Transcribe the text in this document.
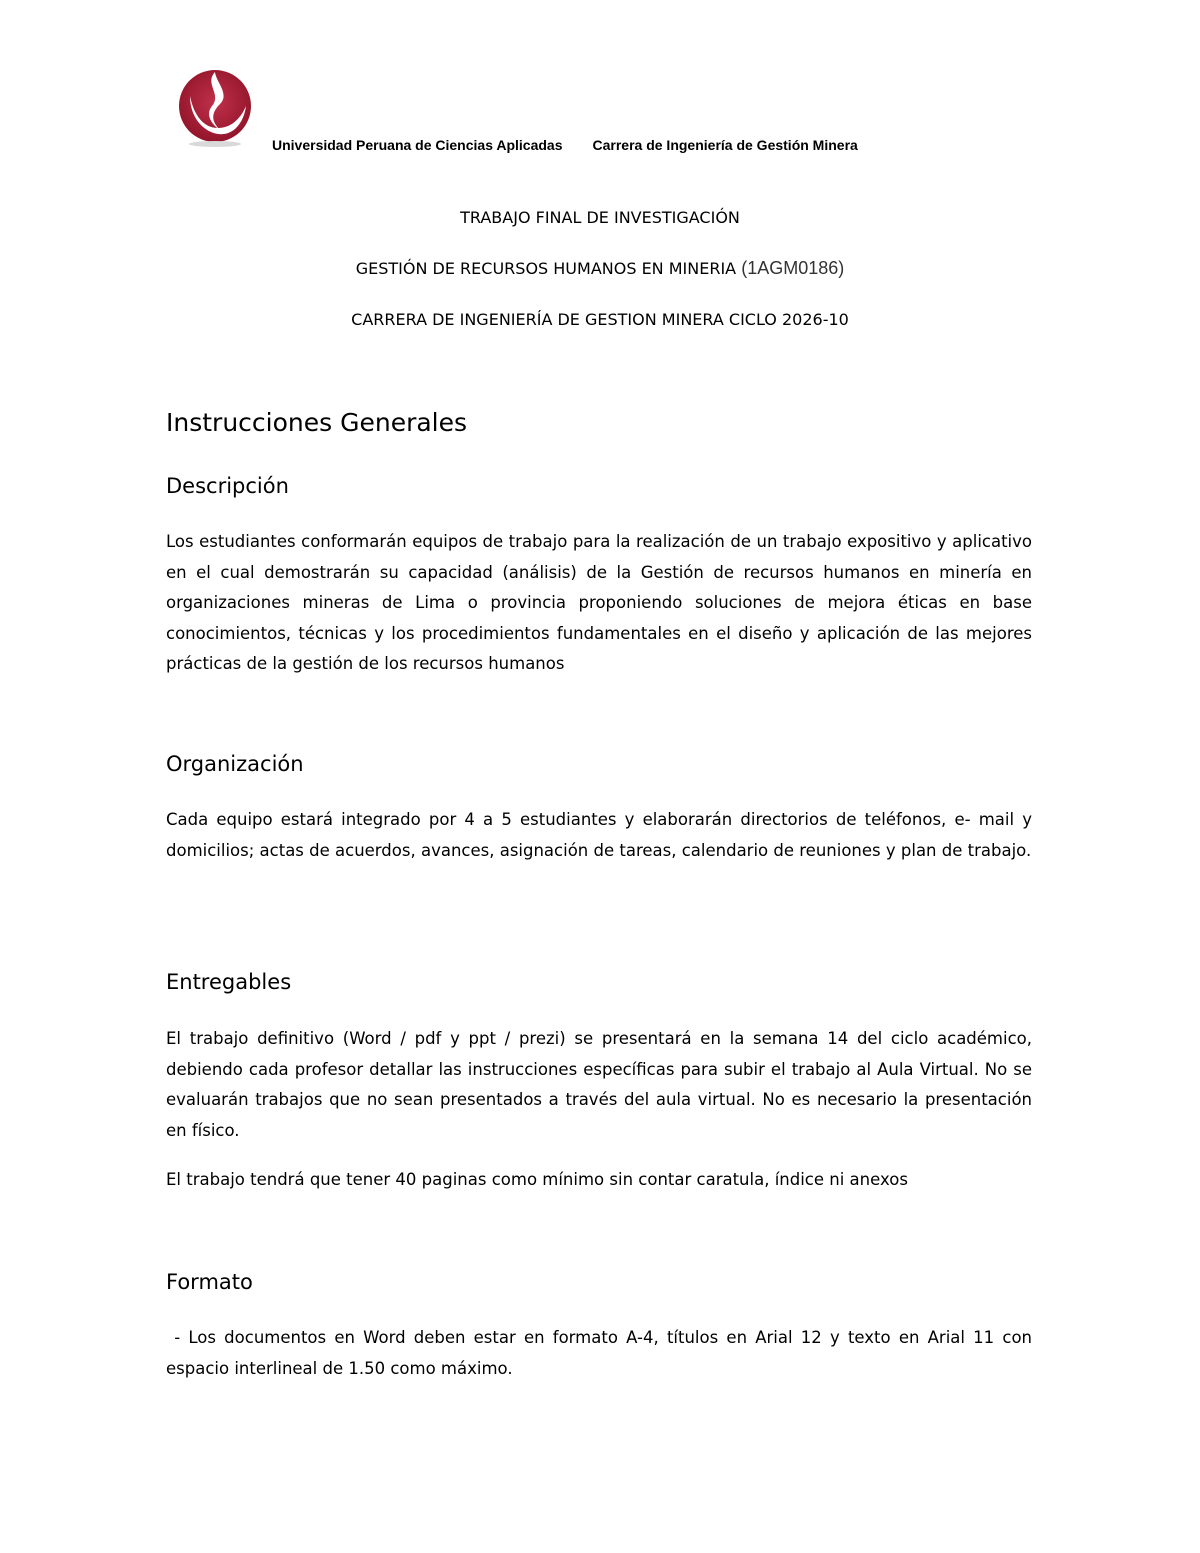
Universidad Peruana de Ciencias Aplicadas Carrera de Ingeniería de Gestión Minera
TRABAJO FINAL DE INVESTIGACIÓN
GESTIÓN DE RECURSOS HUMANOS EN MINERIA (1AGM0186)
CARRERA DE INGENIERÍA DE GESTION MINERA CICLO 2026-10
Instrucciones Generales
Descripción
Los estudiantes conformarán equipos de trabajo para la realización de un trabajo expositivo y aplicativo en el cual demostrarán su capacidad (análisis) de la Gestión de recursos humanos en minería en organizaciones mineras de Lima o provincia proponiendo soluciones de mejora éticas en base conocimientos, técnicas y los procedimientos fundamentales en el diseño y aplicación de las mejores prácticas de la gestión de los recursos humanos
Organización
Cada equipo estará integrado por 4 a 5 estudiantes y elaborarán directorios de teléfonos, e- mail y domicilios; actas de acuerdos, avances, asignación de tareas, calendario de reuniones y plan de trabajo.
Entregables
El trabajo definitivo (Word / pdf y ppt / prezi) se presentará en la semana 14 del ciclo académico, debiendo cada profesor detallar las instrucciones específicas para subir el trabajo al Aula Virtual. No se evaluarán trabajos que no sean presentados a través del aula virtual. No es necesario la presentación en físico.
El trabajo tendrá que tener 40 paginas como mínimo sin contar caratula, índice ni anexos
Formato
- Los documentos en Word deben estar en formato A-4, títulos en Arial 12 y texto en Arial 11 con espacio interlineal de 1.50 como máximo.
